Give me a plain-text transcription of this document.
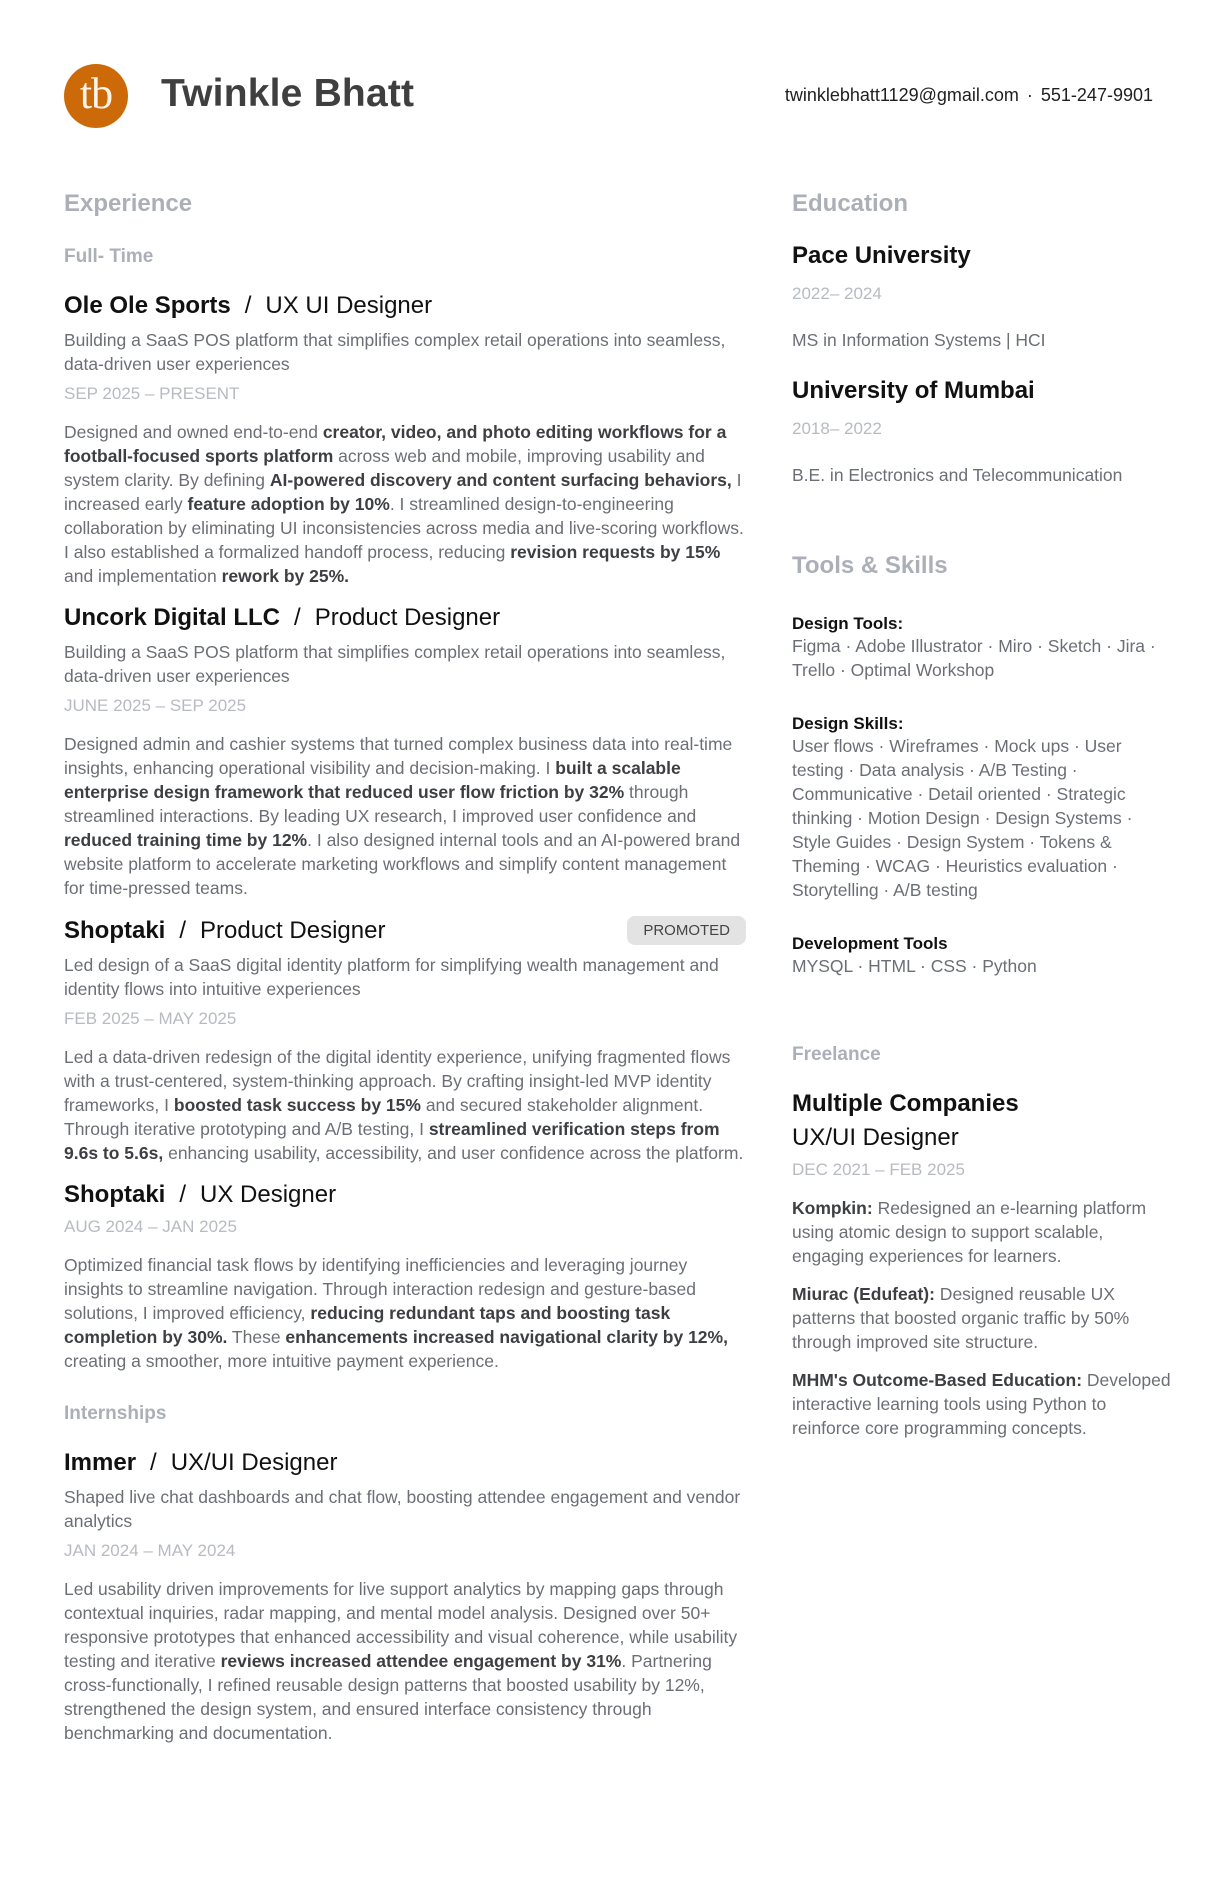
tb Twinkle Bhatt	twinklebhatt1129@gmail.com · 551-247-9901
Experience
Full- Time
Ole Ole Sports / UX UI Designer
Building a SaaS POS platform that simplifies complex retail operations into seamless, data-driven user experiences
SEP 2025 – PRESENT
Designed and owned end-to-end creator, video, and photo editing workflows for a football-focused sports platform across web and mobile, improving usability and system clarity. By defining AI-powered discovery and content surfacing behaviors, I increased early feature adoption by 10%. I streamlined design-to-engineering collaboration by eliminating UI inconsistencies across media and live-scoring workflows. I also established a formalized handoff process, reducing revision requests by 15% and implementation rework by 25%.
Uncork Digital LLC / Product Designer
Building a SaaS POS platform that simplifies complex retail operations into seamless, data-driven user experiences
JUNE 2025 – SEP 2025
Designed admin and cashier systems that turned complex business data into real-time insights, enhancing operational visibility and decision-making. I built a scalable enterprise design framework that reduced user flow friction by 32% through streamlined interactions. By leading UX research, I improved user confidence and reduced training time by 12%. I also designed internal tools and an AI-powered brand website platform to accelerate marketing workflows and simplify content management for time-pressed teams.
Shoptaki / Product Designer	PROMOTED
Led design of a SaaS digital identity platform for simplifying wealth management and identity flows into intuitive experiences
FEB 2025 – MAY 2025
Led a data-driven redesign of the digital identity experience, unifying fragmented flows with a trust-centered, system-thinking approach. By crafting insight-led MVP identity frameworks, I boosted task success by 15% and secured stakeholder alignment. Through iterative prototyping and A/B testing, I streamlined verification steps from 9.6s to 5.6s, enhancing usability, accessibility, and user confidence across the platform.
Shoptaki / UX Designer
AUG 2024 – JAN 2025
Optimized financial task flows by identifying inefficiencies and leveraging journey insights to streamline navigation. Through interaction redesign and gesture-based solutions, I improved efficiency, reducing redundant taps and boosting task completion by 30%. These enhancements increased navigational clarity by 12%, creating a smoother, more intuitive payment experience.
Internships
Immer / UX/UI Designer
Shaped live chat dashboards and chat flow, boosting attendee engagement and vendor analytics
JAN 2024 – MAY 2024
Led usability driven improvements for live support analytics by mapping gaps through contextual inquiries, radar mapping, and mental model analysis. Designed over 50+ responsive prototypes that enhanced accessibility and visual coherence, while usability testing and iterative reviews increased attendee engagement by 31%. Partnering cross-functionally, I refined reusable design patterns that boosted usability by 12%, strengthened the design system, and ensured interface consistency through benchmarking and documentation.
Education
Pace University
2022– 2024
MS in Information Systems | HCI
University of Mumbai
2018– 2022
B.E. in Electronics and Telecommunication
Tools & Skills
Design Tools:
Figma · Adobe Illustrator · Miro · Sketch · Jira · Trello · Optimal Workshop
Design Skills:
User flows · Wireframes · Mock ups · User testing · Data analysis · A/B Testing · Communicative · Detail oriented · Strategic thinking · Motion Design · Design Systems · Style Guides · Design System · Tokens & Theming · WCAG · Heuristics evaluation · Storytelling · A/B testing
Development Tools
MYSQL · HTML · CSS · Python
Freelance
Multiple Companies
UX/UI Designer
DEC 2021 – FEB 2025
Kompkin: Redesigned an e-learning platform using atomic design to support scalable, engaging experiences for learners.
Miurac (Edufeat): Designed reusable UX patterns that boosted organic traffic by 50% through improved site structure.
MHM's Outcome-Based Education: Developed interactive learning tools using Python to reinforce core programming concepts.
